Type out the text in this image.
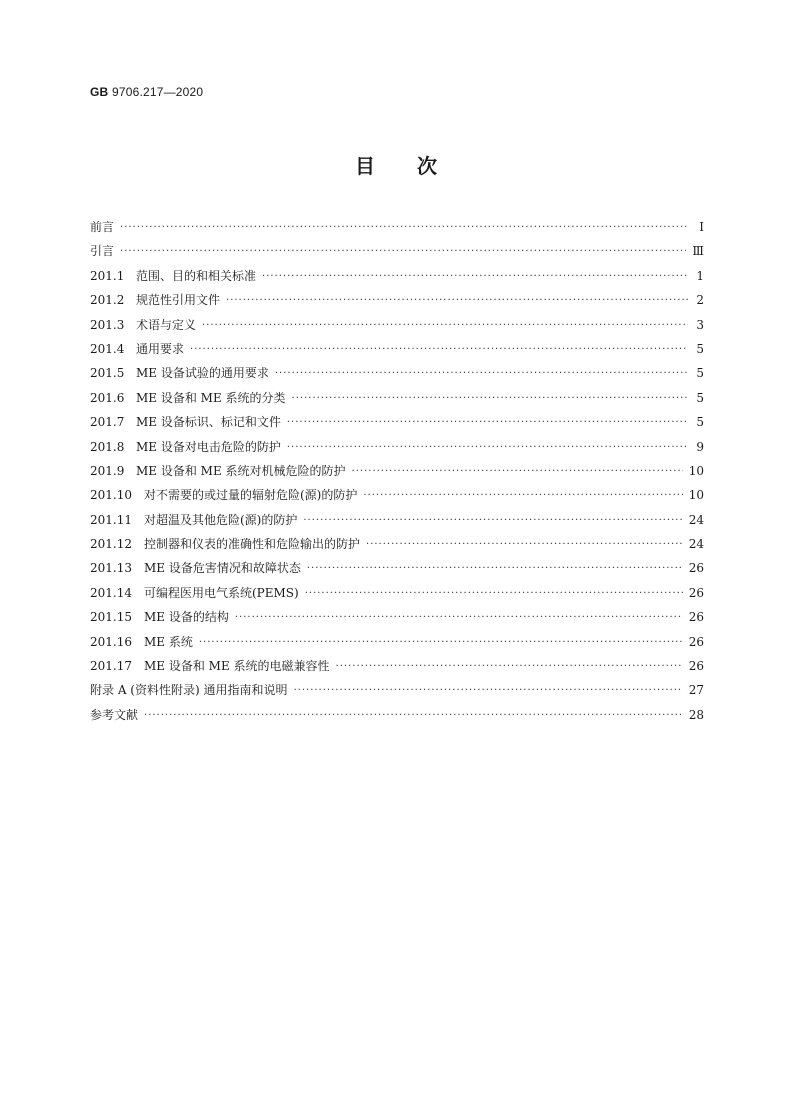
GB 9706.217—2020
目次
前言 ·····	Ⅰ
引言 ·····	Ⅲ
201.1 范围、目的和相关标准 ·····	1
201.2 规范性引用文件 ·····	2
201.3 术语与定义 ·····	3
201.4 通用要求 ·····	5
201.5 ME 设备试验的通用要求 ·····	5
201.6 ME 设备和 ME 系统的分类 ·····	5
201.7 ME 设备标识、标记和文件 ·····	5
201.8 ME 设备对电击危险的防护 ·····	9
201.9 ME 设备和 ME 系统对机械危险的防护 ·····	10
201.10	对不需要的或过量的辐射危险(源)的防护 ·····	10
201.11	对超温及其他危险(源)的防护 ·····	24
201.12	控制器和仪表的准确性和危险输出的防护 ·····	24
201.13	ME 设备危害情况和故障状态 ·····	26
201.14	可编程医用电气系统(PEMS) ·····	26
201.15	ME 设备的结构 ·····	26
201.16	ME 系统 ·····	26
201.17	ME 设备和 ME 系统的电磁兼容性 ·····	26
附录 A (资料性附录) 通用指南和说明 ·····	27
参考文献 ·····	28
